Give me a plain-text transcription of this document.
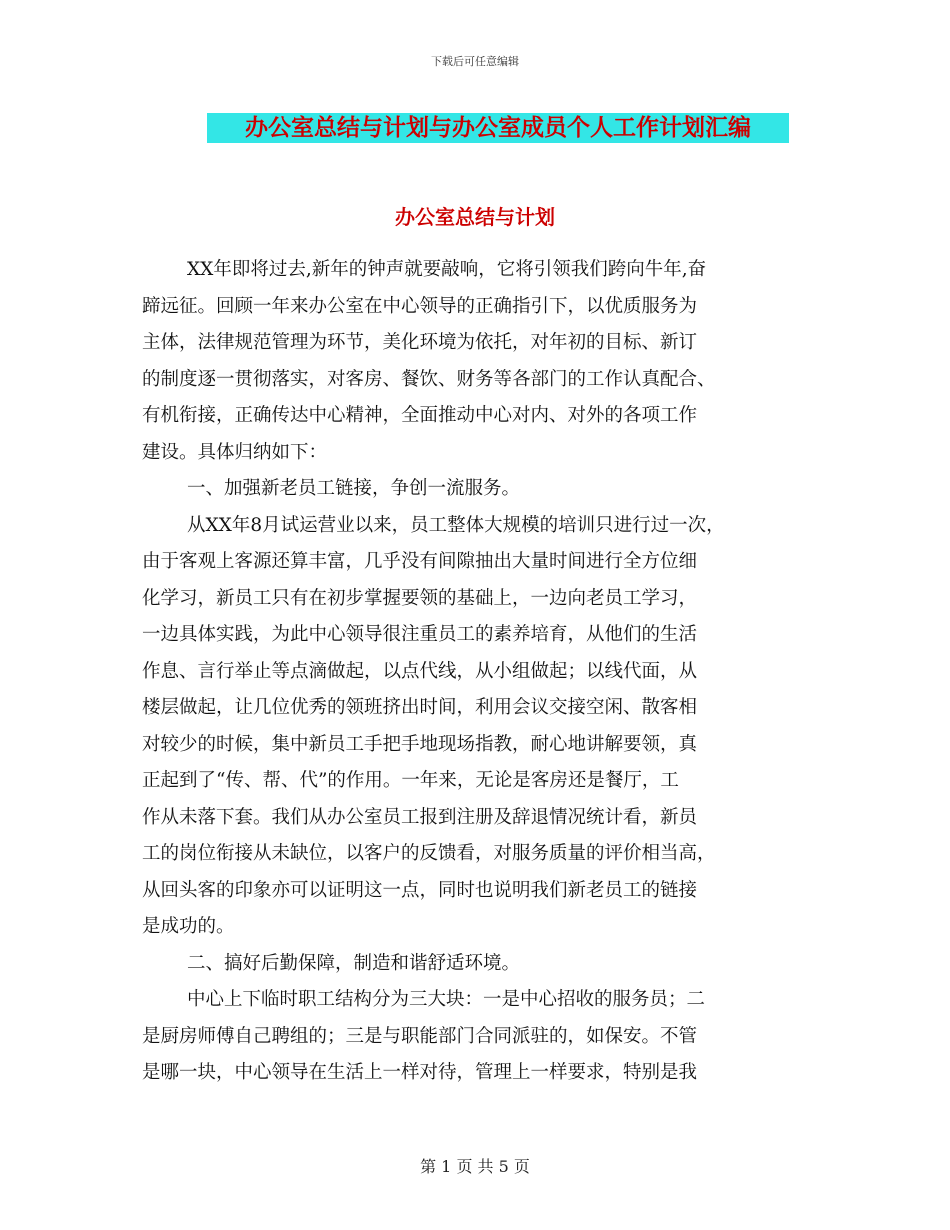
下载后可任意编辑
办公室总结与计划与办公室成员个人工作计划汇编
办公室总结与计划
XX年即将过去,新年的钟声就要敲响，它将引领我们跨向牛年,奋
蹄远征。回顾一年来办公室在中心领导的正确指引下，以优质服务为
主体，法律规范管理为环节，美化环境为依托，对年初的目标、新订
的制度逐一贯彻落实，对客房、餐饮、财务等各部门的工作认真配合、
有机衔接，正确传达中心精神，全面推动中心对内、对外的各项工作
建设。具体归纳如下：
一、加强新老员工链接，争创一流服务。
从XX年8月试运营业以来，员工整体大规模的培训只进行过一次，
由于客观上客源还算丰富，几乎没有间隙抽出大量时间进行全方位细
化学习，新员工只有在初步掌握要领的基础上，一边向老员工学习，
一边具体实践，为此中心领导很注重员工的素养培育，从他们的生活
作息、言行举止等点滴做起，以点代线，从小组做起；以线代面，从
楼层做起，让几位优秀的领班挤出时间，利用会议交接空闲、散客相
对较少的时候，集中新员工手把手地现场指教，耐心地讲解要领，真
正起到了“传、帮、代”的作用。一年来，无论是客房还是餐厅，工
作从未落下套。我们从办公室员工报到注册及辞退情况统计看，新员
工的岗位衔接从未缺位，以客户的反馈看，对服务质量的评价相当高，
从回头客的印象亦可以证明这一点，同时也说明我们新老员工的链接
是成功的。
二、搞好后勤保障，制造和谐舒适环境。
中心上下临时职工结构分为三大块：一是中心招收的服务员；二
是厨房师傅自己聘组的；三是与职能部门合同派驻的，如保安。不管
是哪一块，中心领导在生活上一样对待，管理上一样要求，特别是我
第 1 页 共 5 页
